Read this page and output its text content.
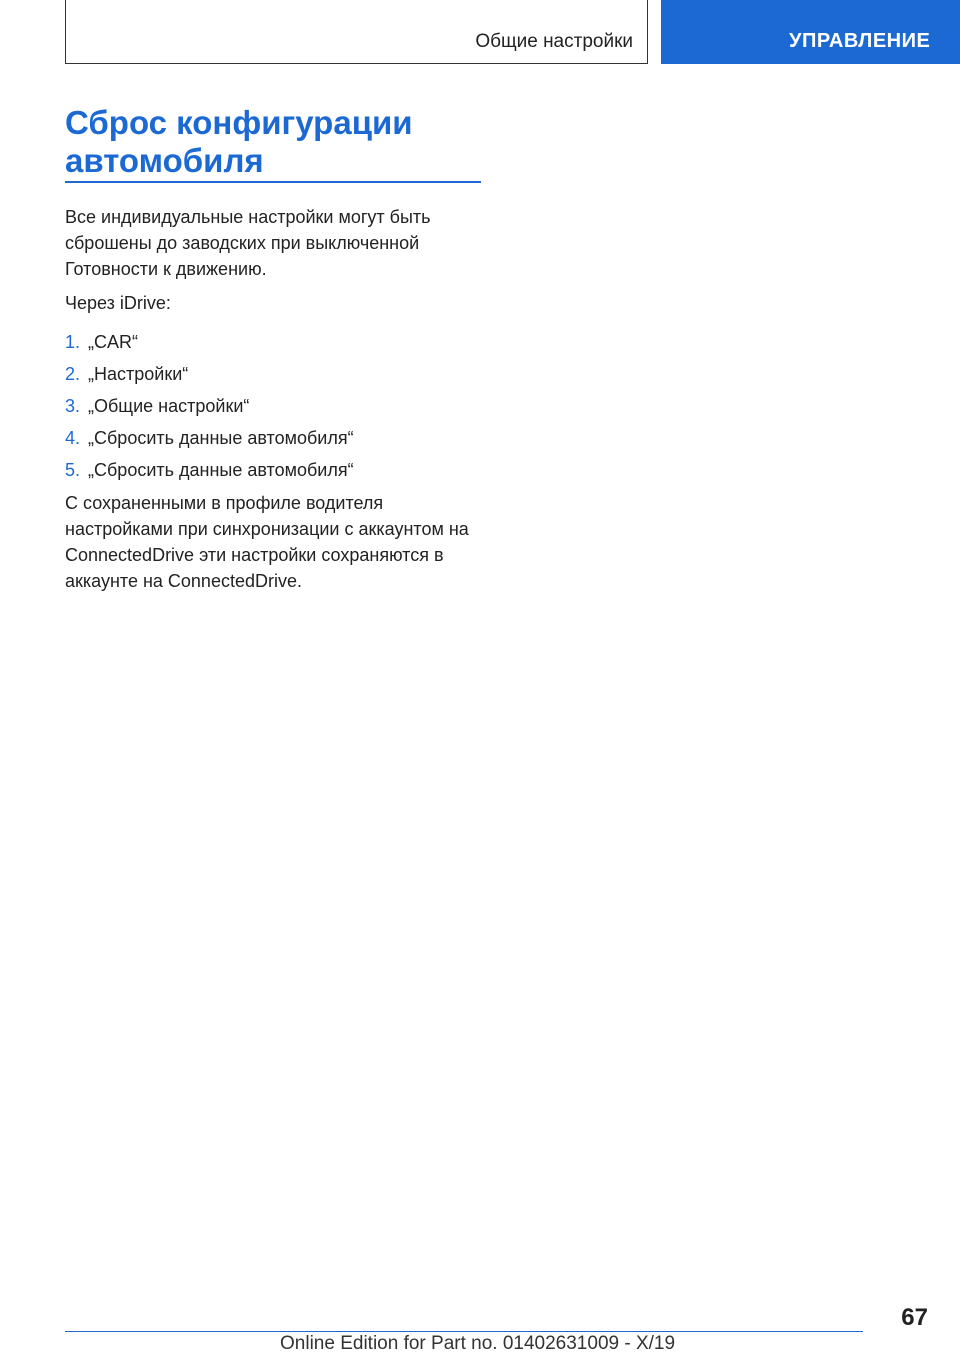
Общие настройки	УПРАВЛЕНИЕ
Сброс конфигурации автомобиля

Все индивидуальные настройки могут быть сброшены до заводских при выключенной Готовности к движению.

Через iDrive:

1. „CAR“
2. „Настройки“
3. „Общие настройки“
4. „Сбросить данные автомобиля“
5. „Сбросить данные автомобиля“

С сохраненными в профиле водителя настройками при синхронизации с аккаунтом на ConnectedDrive эти настройки сохраняются в аккаунте на ConnectedDrive.

67
Online Edition for Part no. 01402631009 - X/19
